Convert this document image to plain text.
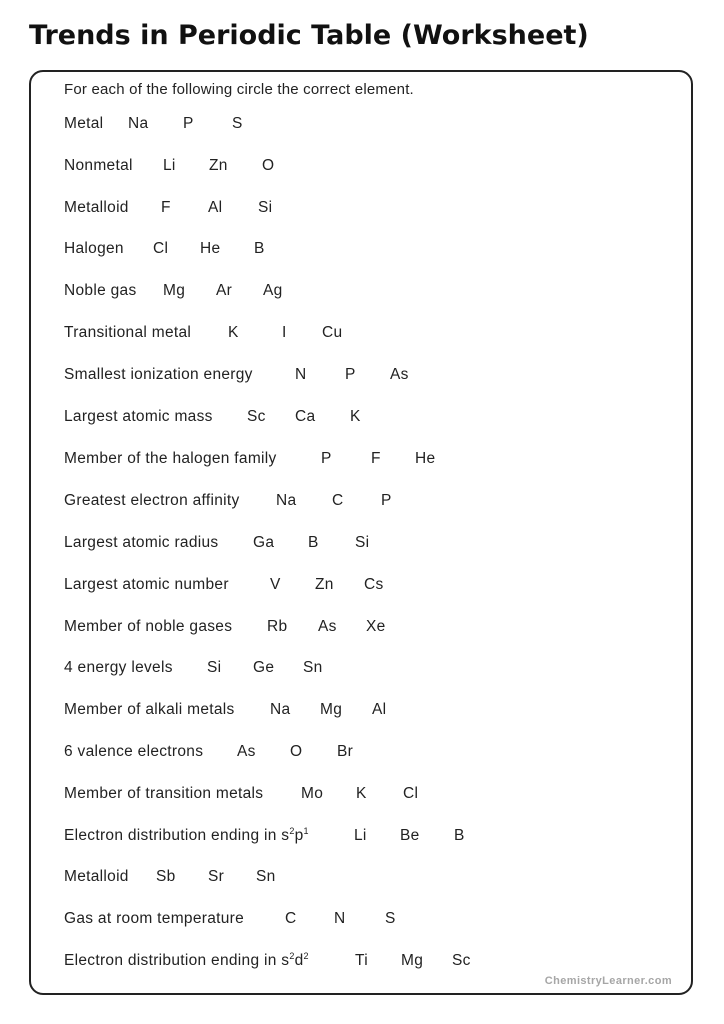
Trends in Periodic Table (Worksheet)
For each of the following circle the correct element.
Metal Na P S
Nonmetal Li Zn O
Metalloid F Al Si
Halogen Cl He B
Noble gas Mg Ar Ag
Transitional metal K	I Cu
Smallest ionization energy	N P As
Largest atomic mass Sc Ca K
Member of the halogen family	P	F He
Greatest electron affinity Na C P
Largest atomic radius Ga B Si
Largest atomic number	V Zn Cs
Member of noble gases Rb As Xe
4 energy levels Si Ge Sn
Member of alkali metals Na Mg Al
6 valence electrons As O Br
Member of transition metals Mo K Cl
Electron distribution ending in $s^2p^1$	Li Be B
Metalloid Sb Sr Sn
Gas at room temperature	C N	S
Electron distribution ending in $s^2d^2$	Ti Mg Sc
ChemistryLearner.com
